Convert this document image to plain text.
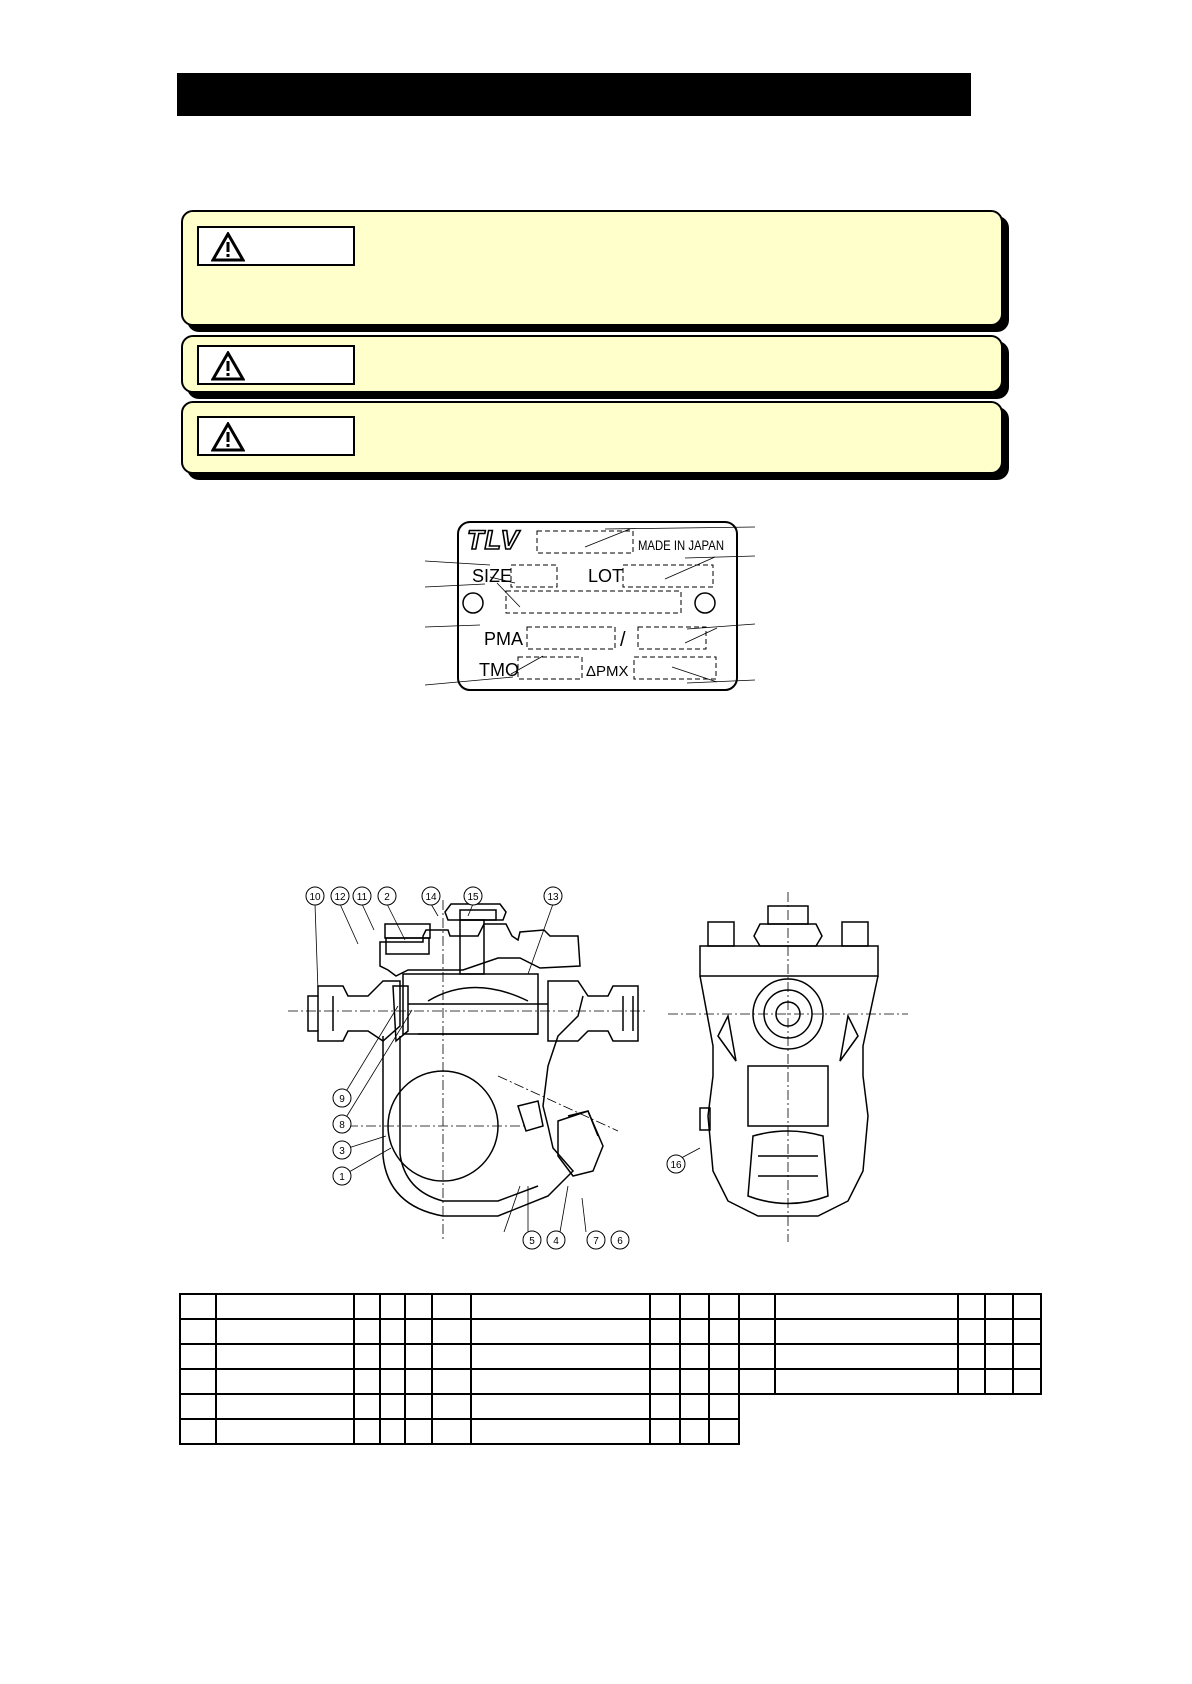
TLV	MADE IN JAPAN
SIZE	LOT
PMA	/
TMO	ΔPMX
10 12 11 2	14	15	13
9
8
3
1
5 4	7 6
16
